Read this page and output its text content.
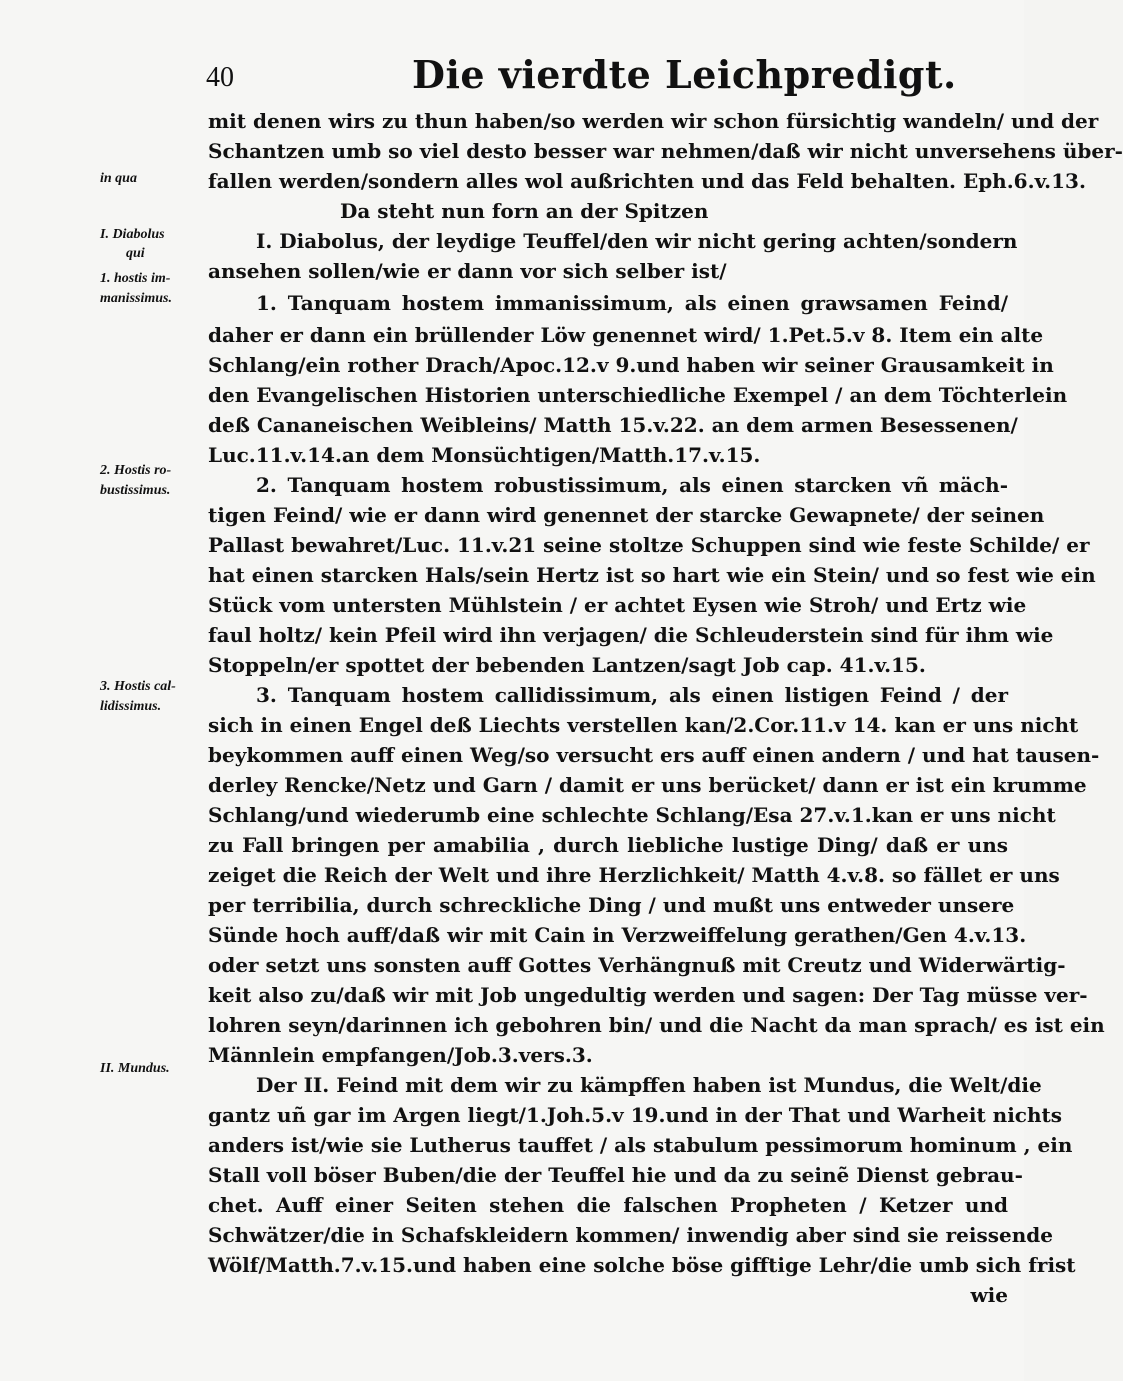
40	Die vierdte Leichpredigt.
in qua
I. Diabolus
qui
1. hostis im-
manissimus.
2. Hostis ro-
bustissimus.
3. Hostis cal-
lidissimus.
II. Mundus.
mit denen wirs zu thun haben/so werden wir schon fürsichtig wandeln/ und der
Schantzen umb so viel desto besser war nehmen/daß wir nicht unversehens über-
fallen werden/sondern alles wol außrichten und das Feld behalten. Eph.6.v.13.
Da steht nun forn an der Spitzen
I. Diabolus, der leydige Teuffel/den wir nicht gering achten/sondern
ansehen sollen/wie er dann vor sich selber ist/
1. Tanquam hostem immanissimum, als einen grawsamen Feind/
daher er dann ein brüllender Löw genennet wird/ 1.Pet.5.v 8. Item ein alte
Schlang/ein rother Drach/Apoc.12.v 9.und haben wir seiner Grausamkeit in
den Evangelischen Historien unterschiedliche Exempel / an dem Töchterlein
deß Cananeischen Weibleins/ Matth 15.v.22. an dem armen Besessenen/
Luc.11.v.14.an dem Monsüchtigen/Matth.17.v.15.
2. Tanquam hostem robustissimum, als einen starcken vñ mäch-
tigen Feind/ wie er dann wird genennet der starcke Gewapnete/ der seinen
Pallast bewahret/Luc. 11.v.21 seine stoltze Schuppen sind wie feste Schilde/ er
hat einen starcken Hals/sein Hertz ist so hart wie ein Stein/ und so fest wie ein
Stück vom untersten Mühlstein / er achtet Eysen wie Stroh/ und Ertz wie
faul holtz/ kein Pfeil wird ihn verjagen/ die Schleuderstein sind für ihm wie
Stoppeln/er spottet der bebenden Lantzen/sagt Job cap. 41.v.15.
3. Tanquam hostem callidissimum, als einen listigen Feind / der
sich in einen Engel deß Liechts verstellen kan/2.Cor.11.v 14. kan er uns nicht
beykommen auff einen Weg/so versucht ers auff einen andern / und hat tausen-
derley Rencke/Netz und Garn / damit er uns berücket/ dann er ist ein krumme
Schlang/und wiederumb eine schlechte Schlang/Esa 27.v.1.kan er uns nicht
zu Fall bringen per amabilia , durch liebliche lustige Ding/ daß er uns
zeiget die Reich der Welt und ihre Herzlichkeit/ Matth 4.v.8. so fället er uns
per terribilia, durch schreckliche Ding / und mußt uns entweder unsere
Sünde hoch auff/daß wir mit Cain in Verzweiffelung gerathen/Gen 4.v.13.
oder setzt uns sonsten auff Gottes Verhängnuß mit Creutz und Widerwärtig-
keit also zu/daß wir mit Job ungedultig werden und sagen: Der Tag müsse ver-
lohren seyn/darinnen ich gebohren bin/ und die Nacht da man sprach/ es ist ein
Männlein empfangen/Job.3.vers.3.
Der II. Feind mit dem wir zu kämpffen haben ist Mundus, die Welt/die
gantz uñ gar im Argen liegt/1.Joh.5.v 19.und in der That und Warheit nichts
anders ist/wie sie Lutherus tauffet / als stabulum pessimorum hominum , ein
Stall voll böser Buben/die der Teuffel hie und da zu seinẽ Dienst gebrau-
chet. Auff einer Seiten stehen die falschen Propheten / Ketzer und
Schwätzer/die in Schafskleidern kommen/ inwendig aber sind sie reissende
Wölf/Matth.7.v.15.und haben eine solche böse gifftige Lehr/die umb sich frist
wie
